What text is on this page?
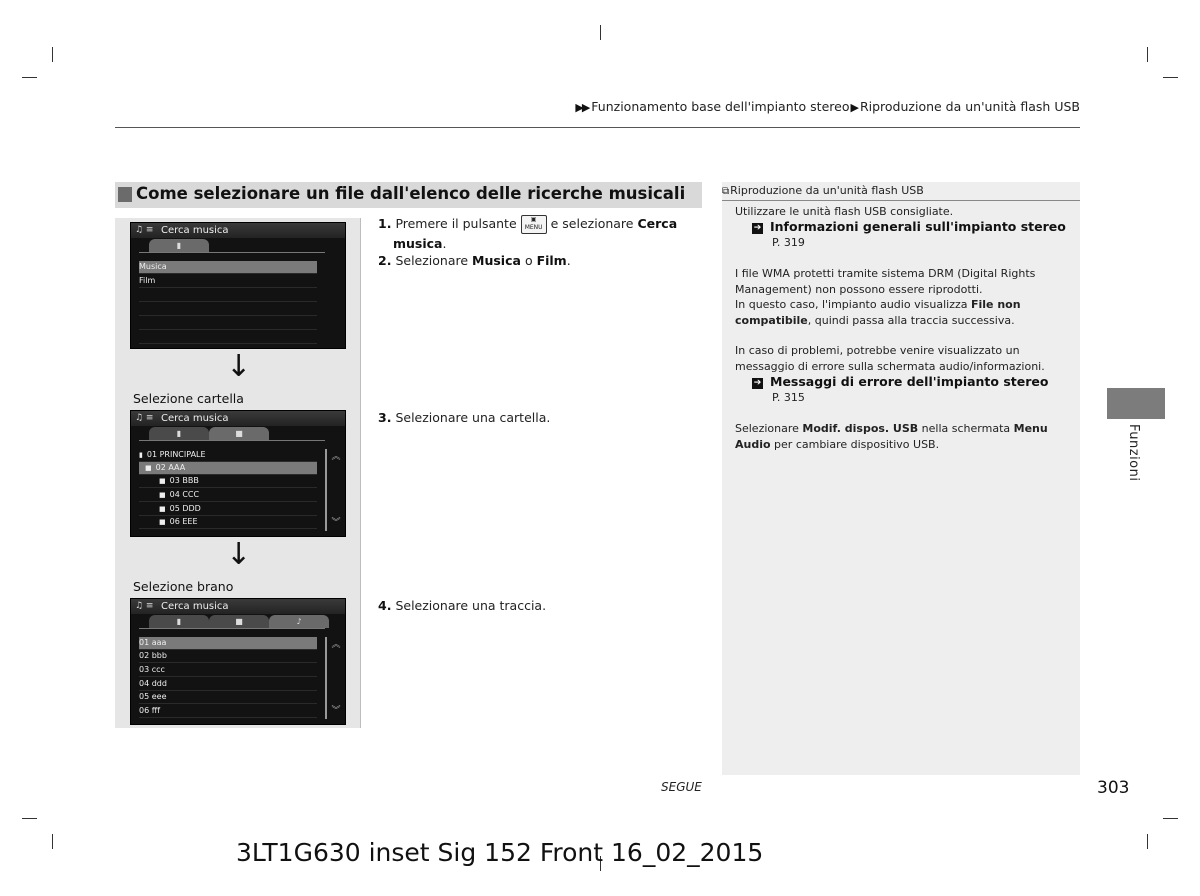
▶▶ Funzionamento base dell'impianto stereo▶Riproduzione da un'unità flash USB
Come selezionare un file dall'elenco delle ricerche musicali
♫ ≡ Cerca musica
▮
Musica
Film
↓
Selezione cartella
♫ ≡ Cerca musica
▮	■
▮ 01 PRINCIPALE
■ 02 AAA
■ 03 BBB
■ 04 CCC
■ 05 DDD
■ 06 EEE
︽
︾
↓
Selezione brano
♫ ≡ Cerca musica
▮	■	♪
01 aaa
02 bbb
03 ccc
04 ddd
05 eee
06 fff
︽
︾
1. Premere il pulsante ▣
MENU e selezionare Cerca
musica.
2. Selezionare Musica o Film.
3. Selezionare una cartella.
4. Selezionare una traccia.
⧉Riproduzione da un'unità flash USB
Utilizzare le unità flash USB consigliate.
➔ Informazioni generali sull'impianto stereo
P. 319
I file WMA protetti tramite sistema DRM (Digital Rights Management) non possono essere riprodotti.
In questo caso, l'impianto audio visualizza File non compatibile, quindi passa alla traccia successiva.
In caso di problemi, potrebbe venire visualizzato un messaggio di errore sulla schermata audio/informazioni.
➔ Messaggi di errore dell'impianto stereo
P. 315
Selezionare Modif. dispos. USB nella schermata Menu Audio per cambiare dispositivo USB.	Funzioni
SEGUE	303
3LT1G630 inset Sig 152 Front 16_02_2015
